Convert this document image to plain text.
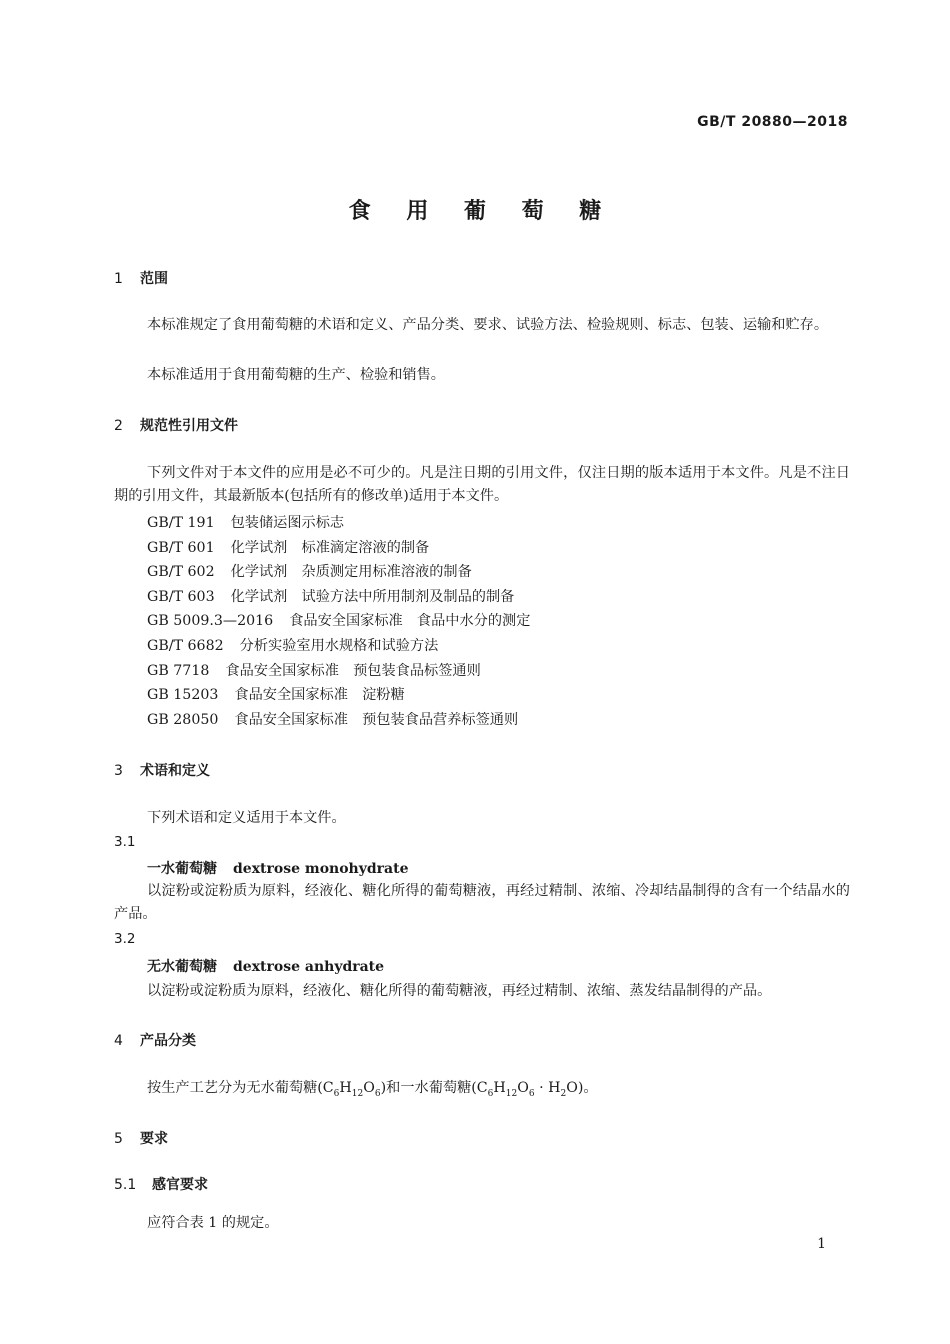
GB/T 20880—2018
食 用 葡 萄 糖
1 范围
本标准规定了食用葡萄糖的术语和定义、产品分类、要求、试验方法、检验规则、标志、包装、运输和贮存。
本标准适用于食用葡萄糖的生产、检验和销售。
2 规范性引用文件
下列文件对于本文件的应用是必不可少的。凡是注日期的引用文件，仅注日期的版本适用于本文件。凡是不注日期的引用文件，其最新版本(包括所有的修改单)适用于本文件。
GB/T 191 包装储运图示标志
GB/T 601 化学试剂　标准滴定溶液的制备
GB/T 602 化学试剂　杂质测定用标准溶液的制备
GB/T 603 化学试剂　试验方法中所用制剂及制品的制备
GB 5009.3—2016 食品安全国家标准　食品中水分的测定
GB/T 6682 分析实验室用水规格和试验方法
GB 7718 食品安全国家标准　预包装食品标签通则
GB 15203 食品安全国家标准　淀粉糖
GB 28050 食品安全国家标准　预包装食品营养标签通则
3 术语和定义
下列术语和定义适用于本文件。
3.1
一水葡萄糖 dextrose monohydrate
以淀粉或淀粉质为原料，经液化、糖化所得的葡萄糖液，再经过精制、浓缩、冷却结晶制得的含有一个结晶水的产品。
3.2
无水葡萄糖 dextrose anhydrate
以淀粉或淀粉质为原料，经液化、糖化所得的葡萄糖液，再经过精制、浓缩、蒸发结晶制得的产品。
4 产品分类
按生产工艺分为无水葡萄糖$(C_6H_{12}O_6)$和一水葡萄糖$(C_6H_{12}O_6 \cdot H_2O)$。
5 要求
5.1 感官要求
应符合表 1 的规定。
1
